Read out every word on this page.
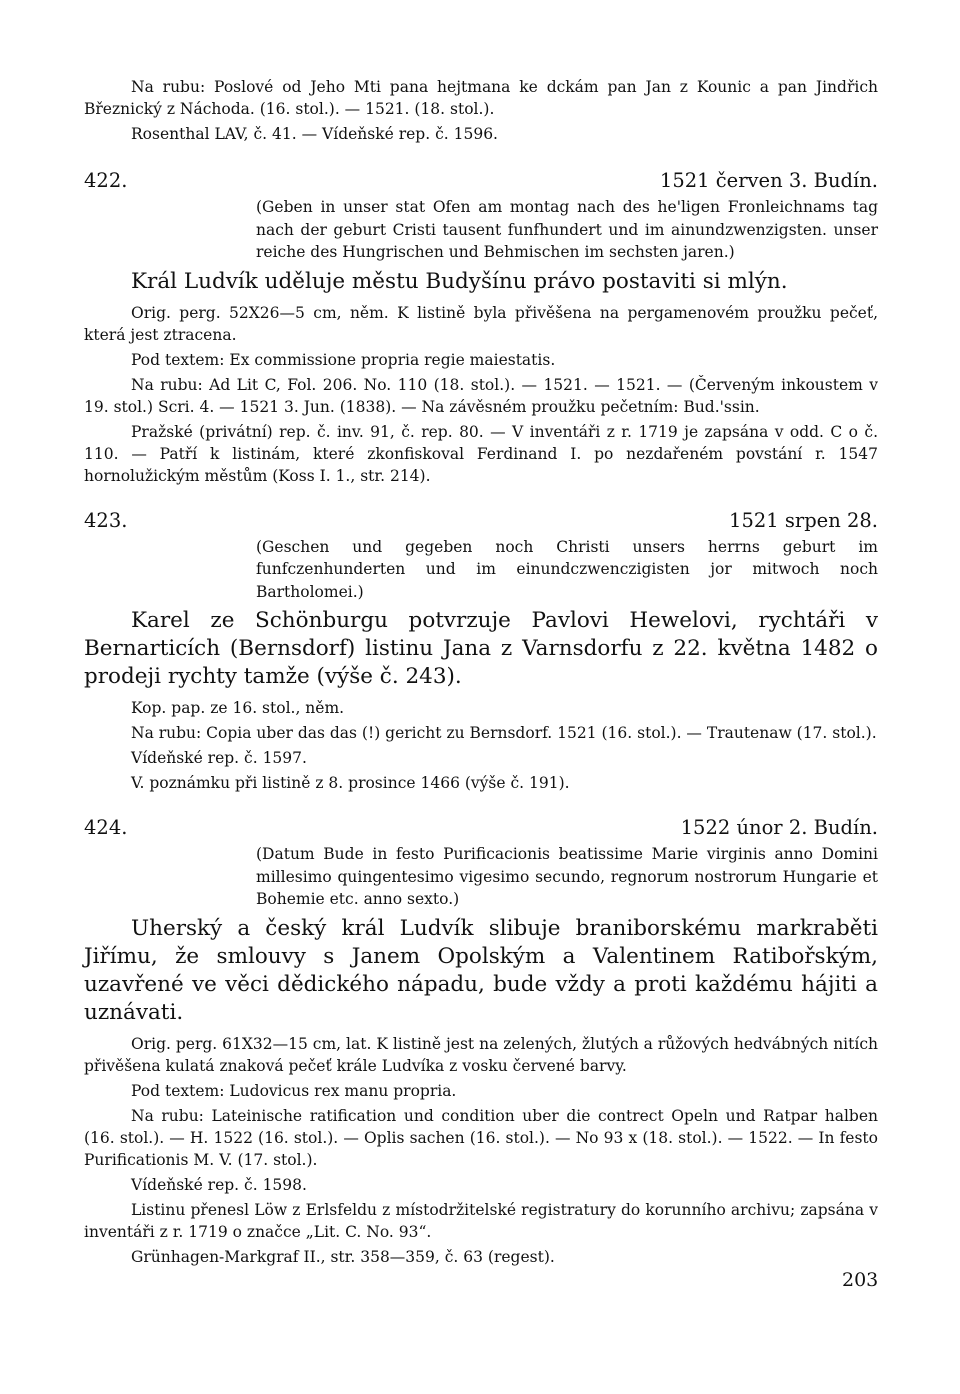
Na rubu: Poslové od Jeho Mti pana hejtmana ke dckám pan Jan z Kounic a pan Jindřich Březnický z Náchoda. (16. stol.). — 1521. (18. stol.).

Rosenthal LAV, č. 41. — Vídeňské rep. č. 1596.

422.	1521 červen 3. Budín.

(Geben in unser stat Ofen am montag nach des he'ligen Fronleichnams tag nach der geburt Cristi tausent funfhundert und im ainundzwenzigsten. unser reiche des Hungrischen und Behmischen im sechsten jaren.)

Král Ludvík uděluje městu Budyšínu právo postaviti si mlýn.

Orig. perg. 52X26—5 cm, něm. K listině byla přivěšena na pergamenovém proužku pečeť, která jest ztracena.

Pod textem: Ex commissione propria regie maiestatis.

Na rubu: Ad Lit C, Fol. 206. No. 110 (18. stol.). — 1521. — 1521. — (Červeným inkoustem v 19. stol.) Scri. 4. — 1521 3. Jun. (1838). — Na závěsném proužku pečetním: Bud.'ssin.

Pražské (privátní) rep. č. inv. 91, č. rep. 80. — V inventáři z r. 1719 je zapsána v odd. C o č. 110. — Patří k listinám, které zkonfiskoval Ferdinand I. po nezdařeném povstání r. 1547 hornolužickým městům (Koss I. 1., str. 214).

423.	1521 srpen 28.

(Geschen und gegeben noch Christi unsers herrns geburt im funfczenhunderten und im einundczwenczigisten jor mitwoch noch Bartholomei.)

Karel ze Schönburgu potvrzuje Pavlovi Hewelovi, rychtáři v Bernarticích (Bernsdorf) listinu Jana z Varnsdorfu z 22. května 1482 o prodeji rychty tamže (výše č. 243).

Kop. pap. ze 16. stol., něm.

Na rubu: Copia uber das das (!) gericht zu Bernsdorf. 1521 (16. stol.). — Trautenaw (17. stol.).

Vídeňské rep. č. 1597.

V. poznámku při listině z 8. prosince 1466 (výše č. 191).

424.	1522 únor 2. Budín.

(Datum Bude in festo Purificacionis beatissime Marie virginis anno Domini millesimo quingentesimo vigesimo secundo, regnorum nostrorum Hungarie et Bohemie etc. anno sexto.)

Uherský a český král Ludvík slibuje braniborskému markraběti Jiřímu, že smlouvy s Janem Opolským a Valentinem Ratibořským, uzavřené ve věci dědického nápadu, bude vždy a proti každému hájiti a uznávati.

Orig. perg. 61X32—15 cm, lat. K listině jest na zelených, žlutých a růžových hedvábných nitích přivěšena kulatá znaková pečeť krále Ludvíka z vosku červené barvy.

Pod textem: Ludovicus rex manu propria.

Na rubu: Lateinische ratification und condition uber die contrect Opeln und Ratpar halben (16. stol.). — H. 1522 (16. stol.). — Oplis sachen (16. stol.). — No 93 x (18. stol.). — 1522. — In festo Purificationis M. V. (17. stol.).

Vídeňské rep. č. 1598.

Listinu přenesl Löw z Erlsfeldu z místodržitelské registratury do korunního archivu; zapsána v inventáři z r. 1719 o značce „Lit. C. No. 93“.

Grünhagen-Markgraf II., str. 358—359, č. 63 (regest).

203
